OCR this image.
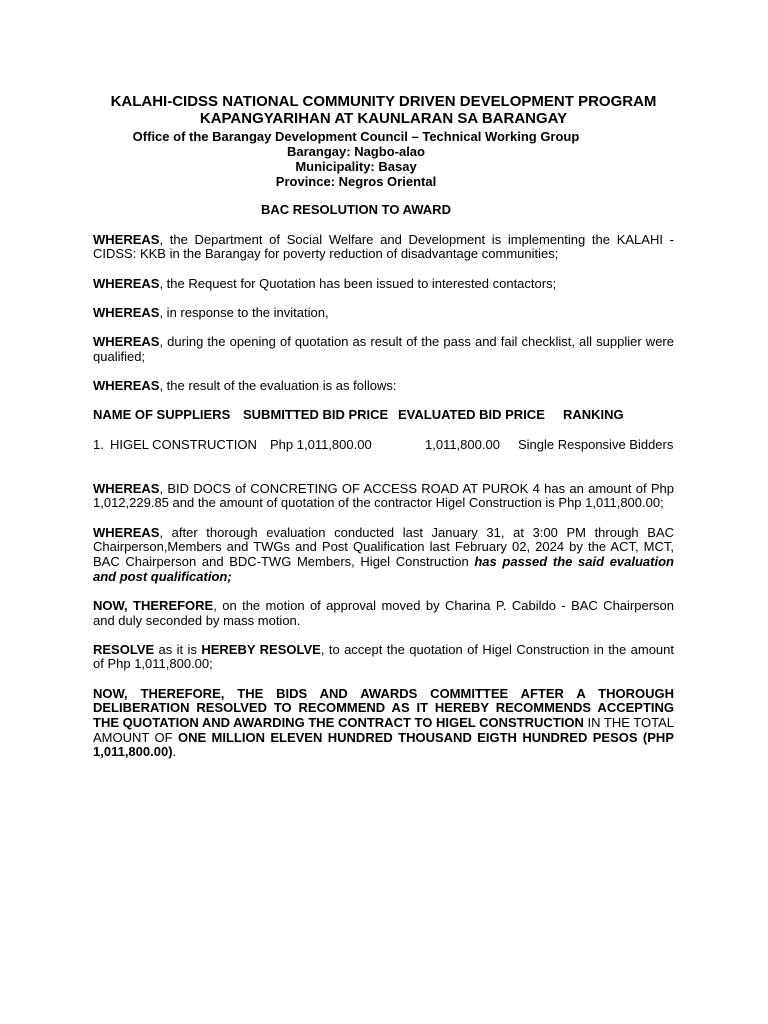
KALAHI-CIDSS NATIONAL COMMUNITY DRIVEN DEVELOPMENT PROGRAM
KAPANGYARIHAN AT KAUNLARAN SA BARANGAY
Office of the Barangay Development Council – Technical Working Group
Barangay: Nagbo-alao
Municipality: Basay
Province: Negros Oriental
BAC RESOLUTION TO AWARD

WHEREAS, the Department of Social Welfare and Development is implementing the KALAHI - CIDSS: KKB in the Barangay for poverty reduction of disadvantage communities;

WHEREAS, the Request for Quotation has been issued to interested contactors;

WHEREAS, in response to the invitation,

WHEREAS, during the opening of quotation as result of the pass and fail checklist, all supplier were qualified;

WHEREAS, the result of the evaluation is as follows:

NAME OF SUPPLIERS SUBMITTED BID PRICE EVALUATED BID PRICE RANKING
1. HIGEL CONSTRUCTION Php 1,011,800.00	1,011,800.00 Single Responsive Bidders

WHEREAS, BID DOCS of CONCRETING OF ACCESS ROAD AT PUROK 4 has an amount of Php 1,012,229.85 and the amount of quotation of the contractor Higel Construction is Php 1,011,800.00;

WHEREAS, after thorough evaluation conducted last January 31, at 3:00 PM through BAC Chairperson,Members and TWGs and Post Qualification last February 02, 2024 by the ACT, MCT, BAC Chairperson and BDC-TWG Members, Higel Construction has passed the said evaluation and post qualification;

NOW, THEREFORE, on the motion of approval moved by Charina P. Cabildo - BAC Chairperson and duly seconded by mass motion.

RESOLVE as it is HEREBY RESOLVE, to accept the quotation of Higel Construction in the amount of Php 1,011,800.00;

NOW, THEREFORE, THE BIDS AND AWARDS COMMITTEE AFTER A THOROUGH DELIBERATION RESOLVED TO RECOMMEND AS IT HEREBY RECOMMENDS ACCEPTING THE QUOTATION AND AWARDING THE CONTRACT TO HIGEL CONSTRUCTION IN THE TOTAL AMOUNT OF ONE MILLION ELEVEN HUNDRED THOUSAND EIGTH HUNDRED PESOS (PHP 1,011,800.00).
